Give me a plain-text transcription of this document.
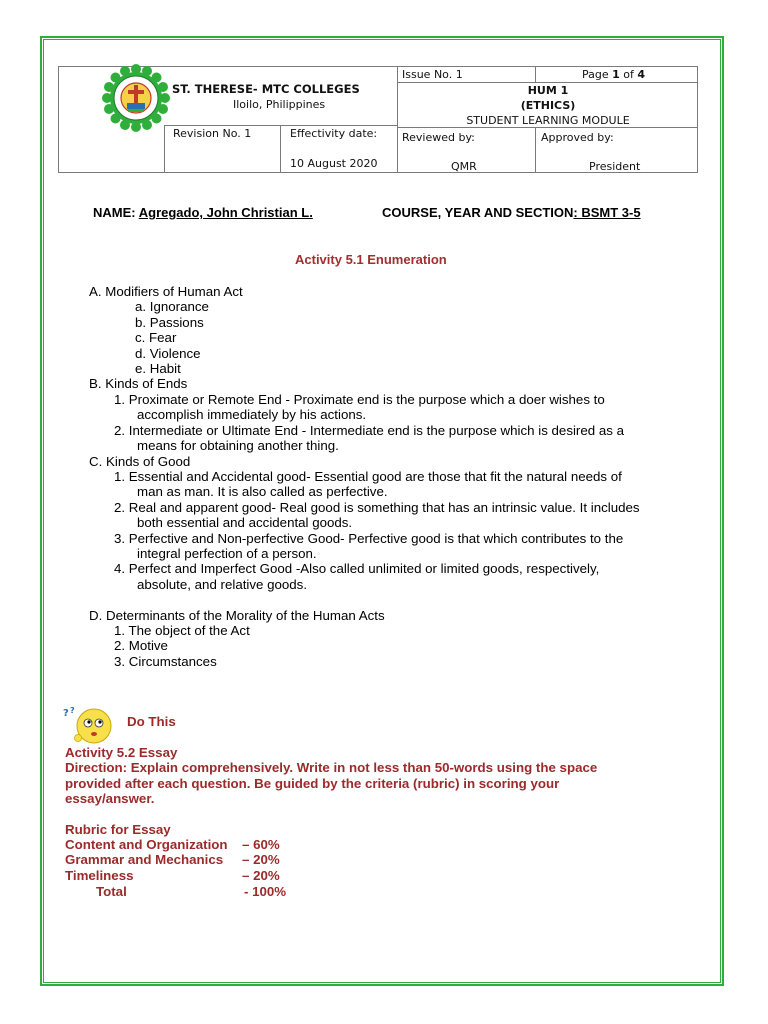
ST. THERESE- MTC COLLEGES
Iloilo, Philippines
Revision No. 1	Effectivity date:
10 August 2020
Issue No. 1	Page 1 of 4
HUM 1
(ETHICS)
STUDENT LEARNING MODULE
Reviewed by:
QMR
Approved by:
President
NAME: Agregado, John Christian L.	COURSE, YEAR AND SECTION: BSMT 3-5
Activity 5.1 Enumeration
A. Modifiers of Human Act
a. Ignorance
b. Passions
c. Fear
d. Violence
e. Habit
B. Kinds of Ends
1. Proximate or Remote End - Proximate end is the purpose which a doer wishes to
accomplish immediately by his actions.
2. Intermediate or Ultimate End - Intermediate end is the purpose which is desired as a
means for obtaining another thing.
C. Kinds of Good
1. Essential and Accidental good- Essential good are those that fit the natural needs of
man as man. It is also called as perfective.
2. Real and apparent good- Real good is something that has an intrinsic value. It includes
both essential and accidental goods.
3. Perfective and Non-perfective Good- Perfective good is that which contributes to the
integral perfection of a person.
4. Perfect and Imperfect Good -Also called unlimited or limited goods, respectively,
absolute, and relative goods.
D. Determinants of the Morality of the Human Acts
1. The object of the Act
2. Motive
3. Circumstances
? ?
Do This
Activity 5.2 Essay
Direction: Explain comprehensively. Write in not less than 50-words using the space
provided after each question. Be guided by the criteria (rubric) in scoring your
essay/answer.
Rubric for Essay
Content and Organization – 60%
Grammar and Mechanics – 20%
Timeliness	– 20%
Total	- 100%
